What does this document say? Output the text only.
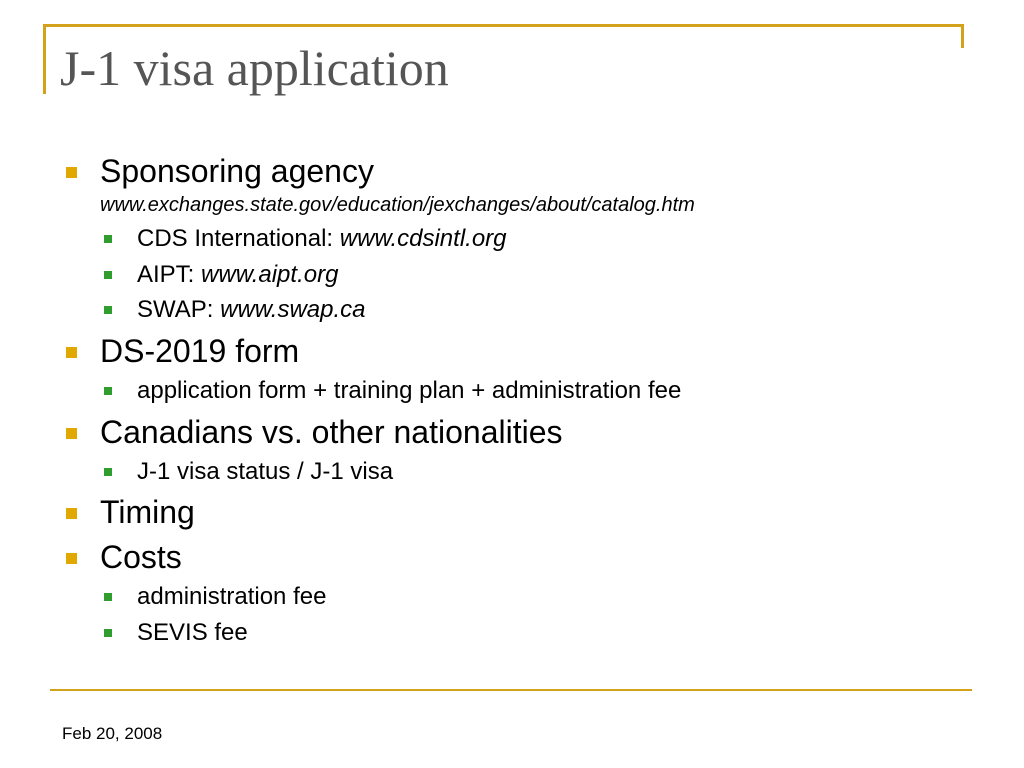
J-1 visa application
Sponsoring agency
www.exchanges.state.gov/education/jexchanges/about/catalog.htm
CDS International: www.cdsintl.org
AIPT: www.aipt.org
SWAP: www.swap.ca
DS-2019 form
application form + training plan + administration fee
Canadians vs. other nationalities
J-1 visa status / J-1 visa
Timing
Costs
administration fee
SEVIS fee
Feb 20, 2008
